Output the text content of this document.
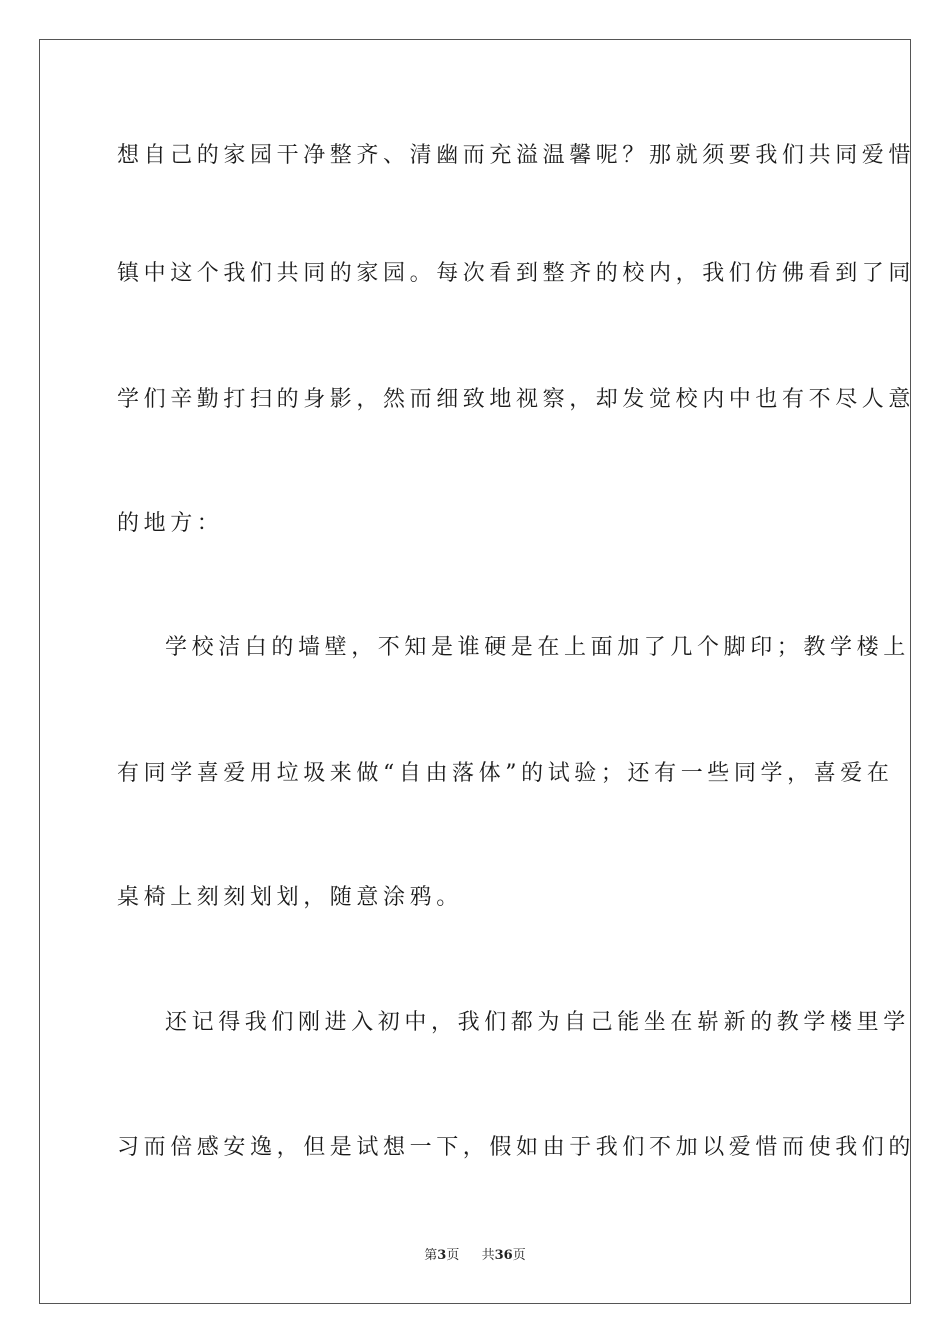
想自己的家园干净整齐、清幽而充溢温馨呢？那就须要我们共同爱惜
镇中这个我们共同的家园。每次看到整齐的校内，我们仿佛看到了同
学们辛勤打扫的身影，然而细致地视察，却发觉校内中也有不尽人意
的地方：
学校洁白的墙壁，不知是谁硬是在上面加了几个脚印；教学楼上
有同学喜爱用垃圾来做“自由落体”的试验；还有一些同学，喜爱在
桌椅上刻刻划划，随意涂鸦。
还记得我们刚进入初中，我们都为自己能坐在崭新的教学楼里学
习而倍感安逸，但是试想一下，假如由于我们不加以爱惜而使我们的
第3页 共36页
